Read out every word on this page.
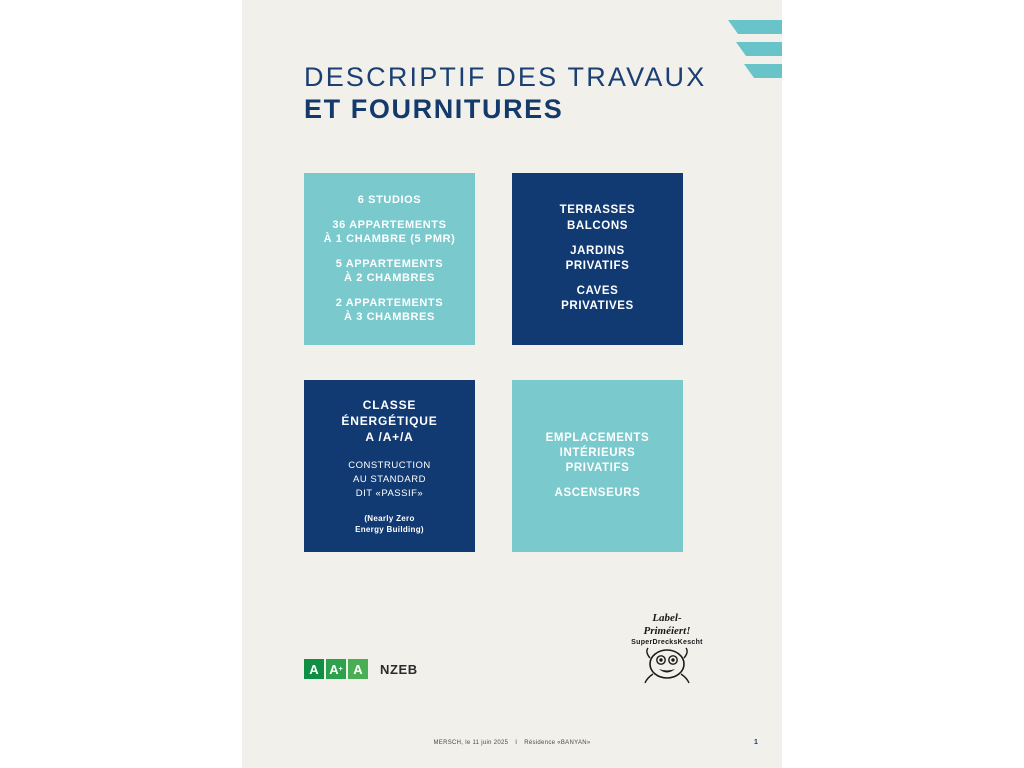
DESCRIPTIF DES TRAVAUX
ET FOURNITURES
6 STUDIOS
36 APPARTEMENTS
À 1 CHAMBRE (5 PMR)
5 APPARTEMENTS
À 2 CHAMBRES
2 APPARTEMENTS
À 3 CHAMBRES
TERRASSES
BALCONS
JARDINS
PRIVATIFS
CAVES
PRIVATIVES
CLASSE
ÉNERGÉTIQUE
A /A+/A
CONSTRUCTION
AU STANDARD
DIT «PASSIF»
(Nearly Zero
Energy Building)
EMPLACEMENTS
INTÉRIEURS
PRIVATIFS
ASCENSEURS
A A + A	NZEB
Label-
Priméiert!
SuperDrecksKescht
MERSCH, le 11 juin 2025 I Résidence «BANYAN»	1
